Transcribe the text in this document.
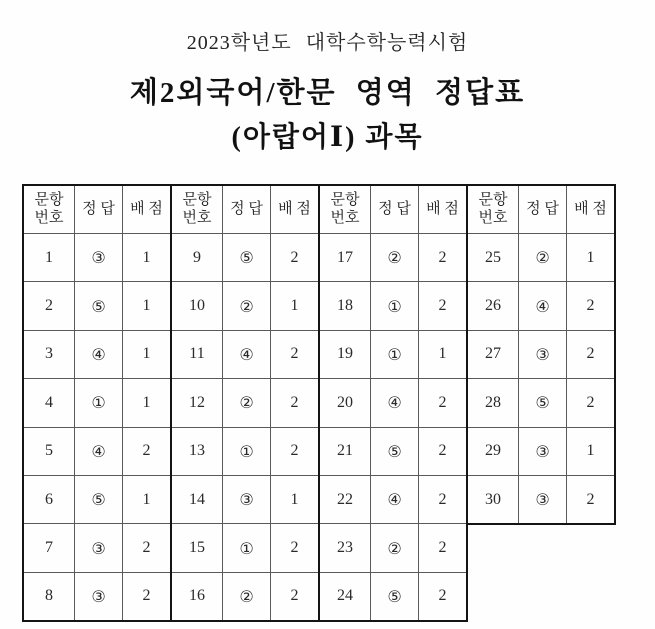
2023학년도 대학수학능력시험
제2외국어/한문 영역 정답표
(아랍어Ⅰ) 과목
문항
번호	정 답	배 점
1	③	1
2	⑤	1
3	④	1
4	①	1
5	④	2
6	⑤	1
7	③	2
8	③	2
문항
번호	정 답	배 점
9	⑤	2
10	②	1
11	④	2
12	②	2
13	①	2
14	③	1
15	①	2
16	②	2
문항
번호	정 답	배 점
17	②	2
18	①	2
19	①	1
20	④	2
21	⑤	2
22	④	2
23	②	2
24	⑤	2
문항
번호	정 답	배 점
25	②	1
26	④	2
27	③	2
28	⑤	2
29	③	1
30	③	2
